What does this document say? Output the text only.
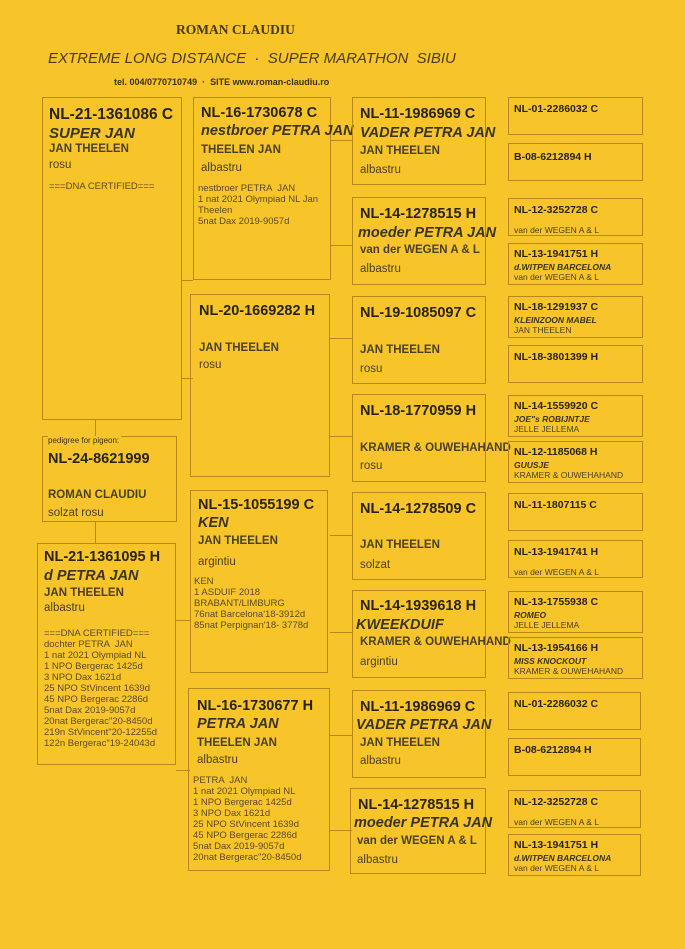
ROMAN CLAUDIU
EXTREME LONG DISTANCE  ·  SUPER MARATHON  SIBIU
tel. 004/0770710749  ·  SITE www.roman-claudiu.ro
NL-21-1361086 C
SUPER JAN
JAN THEELEN
rosu
===DNA CERTIFIED===
pedigree for pigeon:
NL-24-8621999
ROMAN CLAUDIU
solzat rosu
NL-21-1361095 H
d PETRA JAN
JAN THEELEN
albastru
===DNA CERTIFIED===
dochter PETRA  JAN
1 nat 2021 Olympiad NL
1 NPO Bergerac 1425d
3 NPO Dax 1621d
25 NPO StVincent 1639d
45 NPO Bergerac 2286d
5nat Dax 2019-9057d
20nat Bergerac"20-8450d
219n StVincent"20-12255d
122n Bergerac"19-24043d
NL-16-1730678 C
nestbroer PETRA JAN
THEELEN JAN
albastru
nestbroer PETRA  JAN
1 nat 2021 Olympiad NL Jan
Theelen
5nat Dax 2019-9057d
NL-20-1669282 H
JAN THEELEN
rosu
NL-15-1055199 C
KEN
JAN THEELEN
argintiu
KEN
1 ASDUIF 2018
BRABANT/LIMBURG
76nat Barcelona'18-3912d
85nat Perpignan'18- 3778d
NL-16-1730677 H
PETRA JAN
THEELEN JAN
albastru
PETRA  JAN
1 nat 2021 Olympiad NL
1 NPO Bergerac 1425d
3 NPO Dax 1621d
25 NPO StVincent 1639d
45 NPO Bergerac 2286d
5nat Dax 2019-9057d
20nat Bergerac"20-8450d
NL-11-1986969 C
VADER PETRA JAN
JAN THEELEN
albastru
NL-14-1278515 H
moeder PETRA JAN
van der WEGEN A & L
albastru
NL-19-1085097 C
JAN THEELEN
rosu
NL-18-1770959 H
KRAMER & OUWEHAHAND
rosu
NL-14-1278509 C
JAN THEELEN
solzat
NL-14-1939618 H
KWEEKDUIF
KRAMER & OUWEHAHAND
argintiu
NL-11-1986969 C
VADER PETRA JAN
JAN THEELEN
albastru
NL-14-1278515 H
moeder PETRA JAN
van der WEGEN A & L
albastru
NL-01-2286032 C
B-08-6212894 H
NL-12-3252728 C
van der WEGEN A & L
NL-13-1941751 H
d.WITPEN BARCELONA
van der WEGEN A & L
NL-18-1291937 C
KLEINZOON MABEL
JAN THEELEN
NL-18-3801399 H
NL-14-1559920 C
JOE"s ROBIJNTJE
JELLE JELLEMA
NL-12-1185068 H
GUUSJE
KRAMER & OUWEHAHAND
NL-11-1807115 C
NL-13-1941741 H
van der WEGEN A & L
NL-13-1755938 C
ROMEO
JELLE JELLEMA
NL-13-1954166 H
MISS KNOCKOUT
KRAMER & OUWEHAHAND
NL-01-2286032 C
B-08-6212894 H
NL-12-3252728 C
van der WEGEN A & L
NL-13-1941751 H
d.WITPEN BARCELONA
van der WEGEN A & L
